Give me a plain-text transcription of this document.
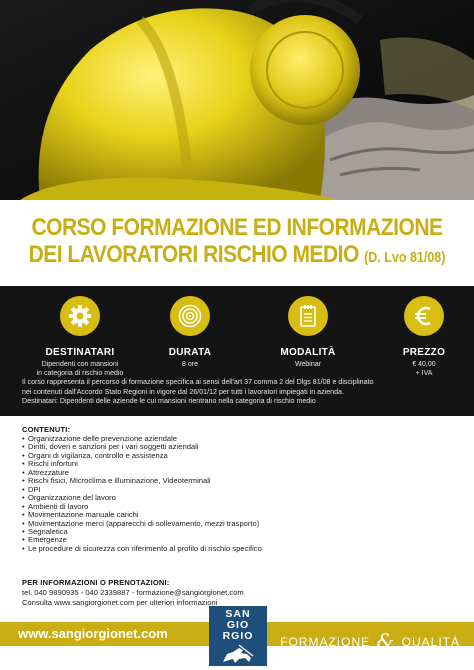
CORSO FORMAZIONE ED INFORMAZIONE
DEI LAVORATORI RISCHIO MEDIO (D. Lvo 81/08)
DESTINATARI
Dipendenti con mansioni
in categoria di rischio medio
DURATA
8 ore
MODALITÀ
Webinar
PREZZO
€ 40,00
+ IVA
Il corso rappresenta il percorso di formazione specifica ai sensi dell'art 37 comma 2 del Dlgs 81/08 e disciplinato
nei contenuti dall'Accordo Stato Regioni in vigore dal 26/01/12 per tutti i lavoratori impiegati in azienda.
Destinatari: Dipendenti delle aziende le cui mansioni rientrano nella categoria di rischio medio
CONTENUTI:
• Organizzazione delle prevenzione aziendale
• Diritti, doveri e sanzioni per i vari soggetti aziendali
• Organi di vigilanza, controllo e assistenza
• Rischi infortuni
• Attrezzature
• Rischi fisici, Microclima e illuminazione, Videoterminali
• DPI
• Organizzazione del lavoro
• Ambienti di lavoro
• Movimentazione manuale carichi
• Movimentazione merci (apparecchi di sollevamento, mezzi trasporto)
• Segnaletica
• Emergenze
• Le procedure di sicurezza con riferimento al profilo di rischio specifico
PER INFORMAZIONI O PRENOTAZIONI:
tel. 040 9890935 - 040 2339887 - formazione@sangiorgionet.com
Consulta www.sangiorgionet.com per ulteriori informazioni
www.sangiorgionet.com
FORMAZIONE & QUALITÀ
SAN
GIO
RGIO
